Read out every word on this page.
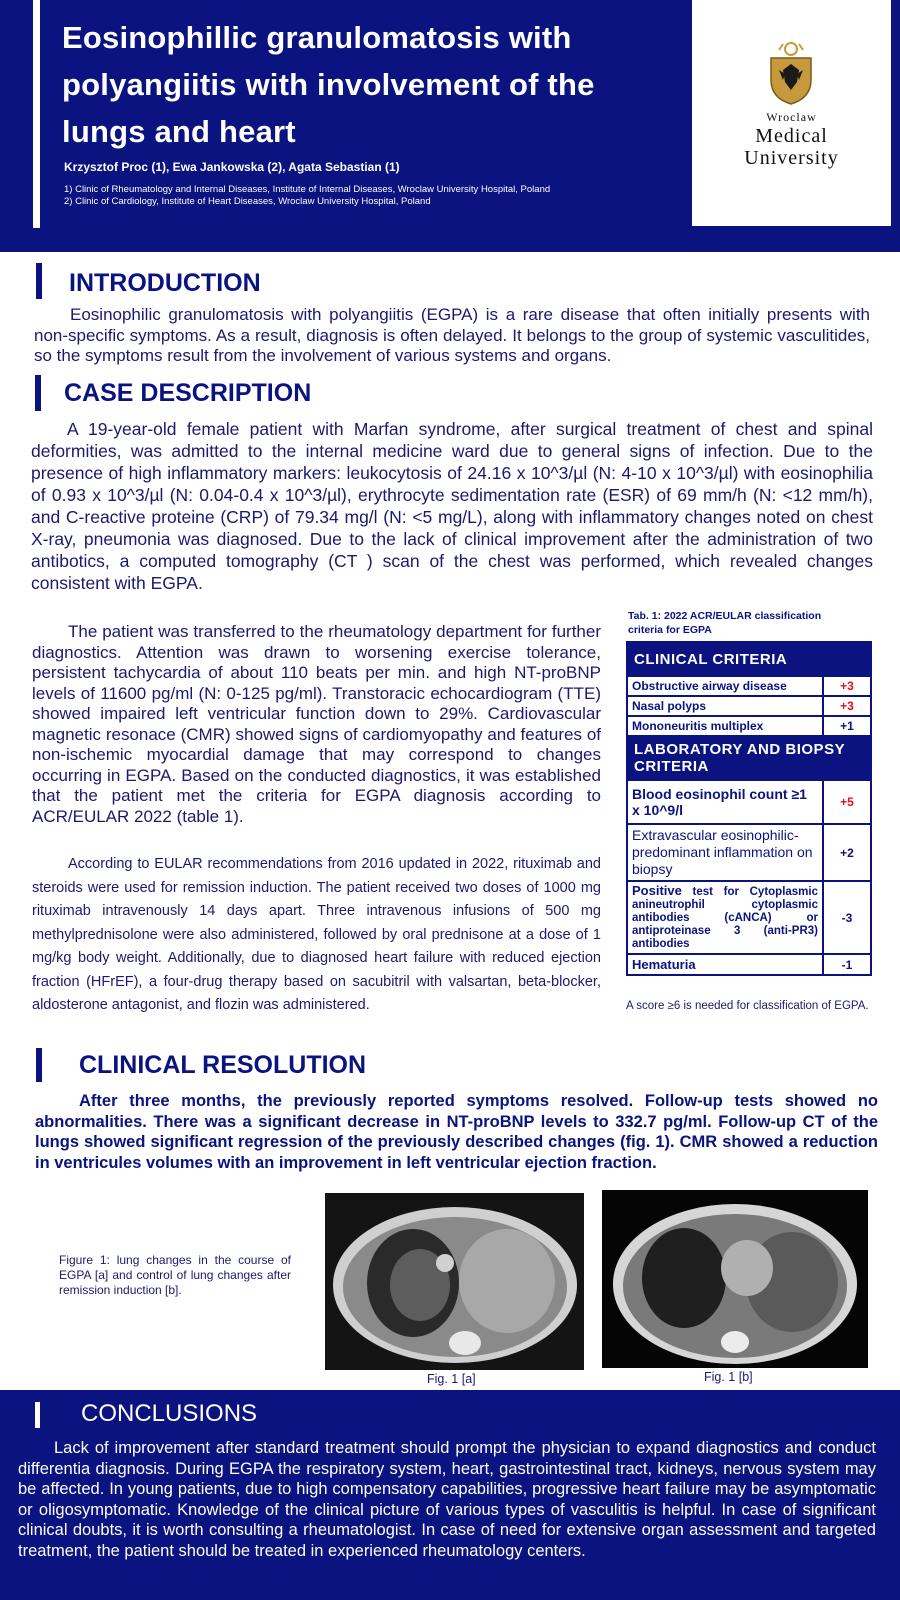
Eosinophillic granulomatosis with polyangiitis with involvement of the lungs and heart
Krzysztof Proc (1), Ewa Jankowska (2), Agata Sebastian (1)
1) Clinic of Rheumatology and Internal Diseases, Institute of Internal Diseases, Wroclaw University Hospital, Poland
2) Clinic of Cardiology, Institute of Heart Diseases, Wroclaw University Hospital, Poland
Wroclaw
Medical
University
INTRODUCTION
Eosinophilic granulomatosis with polyangiitis (EGPA) is a rare disease that often initially presents with non-specific symptoms. As a result, diagnosis is often delayed. It belongs to the group of systemic vasculitides, so the symptoms result from the involvement of various systems and organs.
CASE DESCRIPTION
A 19-year-old female patient with Marfan syndrome, after surgical treatment of chest and spinal deformities, was admitted to the internal medicine ward due to general signs of infection. Due to the presence of high inflammatory markers: leukocytosis of 24.16 x 10^3/µl (N: 4-10 x 10^3/µl) with eosinophilia of 0.93 x 10^3/µl (N: 0.04-0.4 x 10^3/µl), erythrocyte sedimentation rate (ESR) of 69 mm/h (N: <12 mm/h), and C-reactive proteine (CRP) of 79.34 mg/l (N: <5 mg/L), along with inflammatory changes noted on chest X-ray, pneumonia was diagnosed. Due to the lack of clinical improvement after the administration of two antibotics, a computed tomography (CT ) scan of the chest was performed, which revealed changes consistent with EGPA.
The patient was transferred to the rheumatology department for further diagnostics. Attention was drawn to worsening exercise tolerance, persistent tachycardia of about 110 beats per min. and high NT-proBNP levels of 11600 pg/ml (N: 0-125 pg/ml). Transtoracic echocardiogram (TTE) showed impaired left ventricular function down to 29%. Cardiovascular magnetic resonace (CMR) showed signs of cardiomyopathy and features of non-ischemic myocardial damage that may correspond to changes occurring in EGPA. Based on the conducted diagnostics, it was established that the patient met the criteria for EGPA diagnosis according to ACR/EULAR 2022 (table 1).
According to EULAR recommendations from 2016 updated in 2022, rituximab and steroids were used for remission induction. The patient received two doses of 1000 mg rituximab intravenously 14 days apart. Three intravenous infusions of 500 mg methylprednisolone were also administered, followed by oral prednisone at a dose of 1 mg/kg body weight. Additionally, due to diagnosed heart failure with reduced ejection fraction (HFrEF), a four-drug therapy based on sacubitril with valsartan, beta-blocker, aldosterone antagonist, and flozin was administered.
Tab. 1: 2022 ACR/EULAR classification criteria for EGPA
CLINICAL CRITERIA	
Obstructive airway disease	+3
Nasal polyps	+3
Mononeuritis multiplex	+1
LABORATORY AND BIOPSY CRITERIA	
Blood eosinophil count ≥1 x 10^9/l	+5
Extravascular eosinophilic-predominant inflammation on biopsy	+2
Positive test for Cytoplasmic anineutrophil cytoplasmic antibodies (cANCA) or antiproteinase 3 (anti-PR3) antibodies	-3
Hematuria	-1
A score ≥6 is needed for classification of EGPA.
CLINICAL RESOLUTION
After three months, the previously reported symptoms resolved. Follow-up tests showed no abnormalities. There was a significant decrease in NT-proBNP levels to 332.7 pg/ml. Follow-up CT of the lungs showed significant regression of the previously described changes (fig. 1). CMR showed a reduction in ventricules volumes with an improvement in left ventricular ejection fraction.
Figure 1: lung changes in the course of EGPA [a] and control of lung changes after remission induction [b].
Fig. 1 [a]	Fig. 1 [b]
CONCLUSIONS
Lack of improvement after standard treatment should prompt the physician to expand diagnostics and conduct differentia diagnosis. During EGPA the respiratory system, heart, gastrointestinal tract, kidneys, nervous system may be affected. In young patients, due to high compensatory capabilities, progressive heart failure may be asymptomatic or oligosymptomatic. Knowledge of the clinical picture of various types of vasculitis is helpful. In case of significant clinical doubts, it is worth consulting a rheumatologist. In case of need for extensive organ assessment and targeted treatment, the patient should be treated in experienced rheumatology centers.
